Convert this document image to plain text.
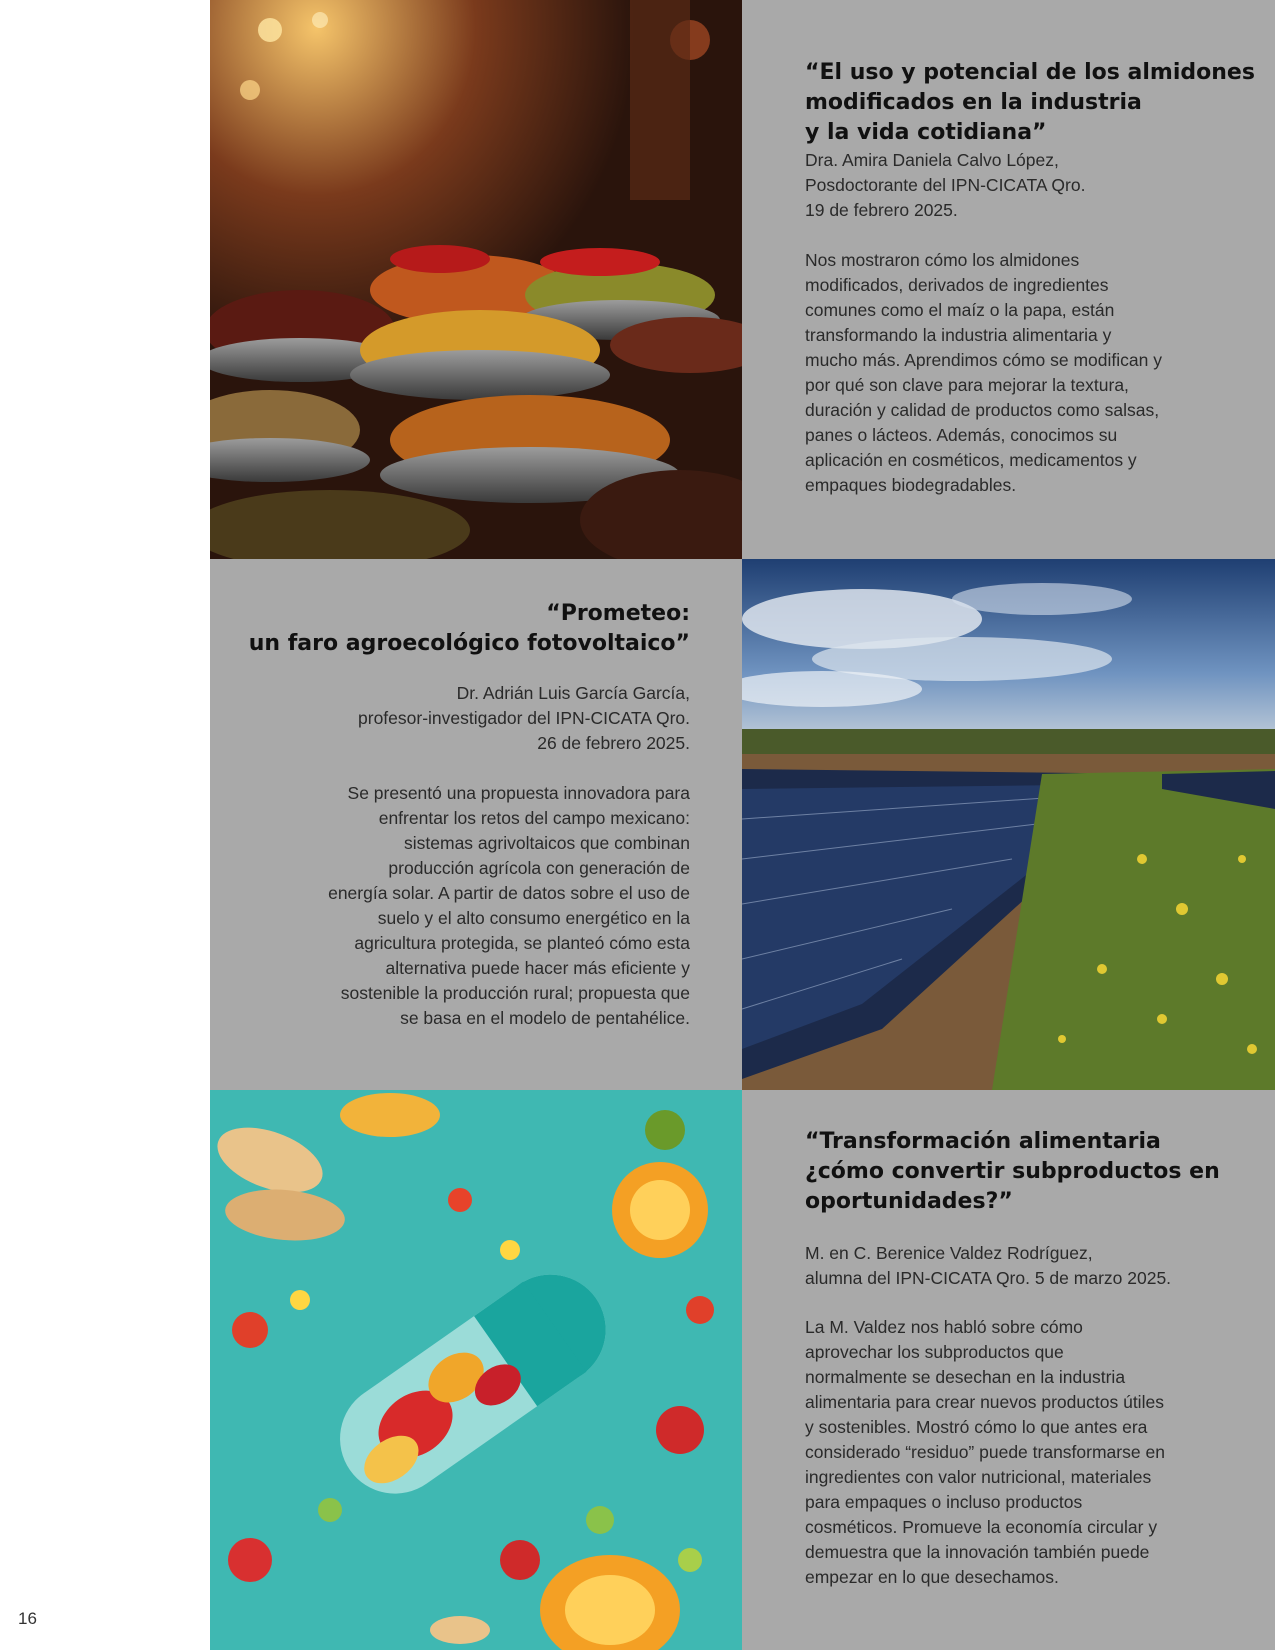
“El uso y potencial de los almidones
modificados en la industria
y la vida cotidiana”

Dra. Amira Daniela Calvo López,
Posdoctorante del IPN-CICATA Qro.
19 de febrero 2025.

Nos mostraron cómo los almidones
modificados, derivados de ingredientes
comunes como el maíz o la papa, están
transformando la industria alimentaria y
mucho más. Aprendimos cómo se modifican y
por qué son clave para mejorar la textura,
duración y calidad de productos como salsas,
panes o lácteos. Además, conocimos su
aplicación en cosméticos, medicamentos y
empaques biodegradables.

“Prometeo:
un faro agroecológico fotovoltaico”

Dr. Adrián Luis García García,
profesor-investigador del IPN-CICATA Qro.
26 de febrero 2025.

Se presentó una propuesta innovadora para
enfrentar los retos del campo mexicano:
sistemas agrivoltaicos que combinan
producción agrícola con generación de
energía solar. A partir de datos sobre el uso de
suelo y el alto consumo energético en la
agricultura protegida, se planteó cómo esta
alternativa puede hacer más eficiente y
sostenible la producción rural; propuesta que
se basa en el modelo de pentahélice.

“Transformación alimentaria
¿cómo convertir subproductos en
oportunidades?”

M. en C. Berenice Valdez Rodríguez,
alumna del IPN-CICATA Qro. 5 de marzo 2025.

La M. Valdez nos habló sobre cómo
aprovechar los subproductos que
normalmente se desechan en la industria
alimentaria para crear nuevos productos útiles
y sostenibles. Mostró cómo lo que antes era
considerado “residuo” puede transformarse en
ingredientes con valor nutricional, materiales
para empaques o incluso productos
cosméticos. Promueve la economía circular y
demuestra que la innovación también puede
empezar en lo que desechamos.

16
